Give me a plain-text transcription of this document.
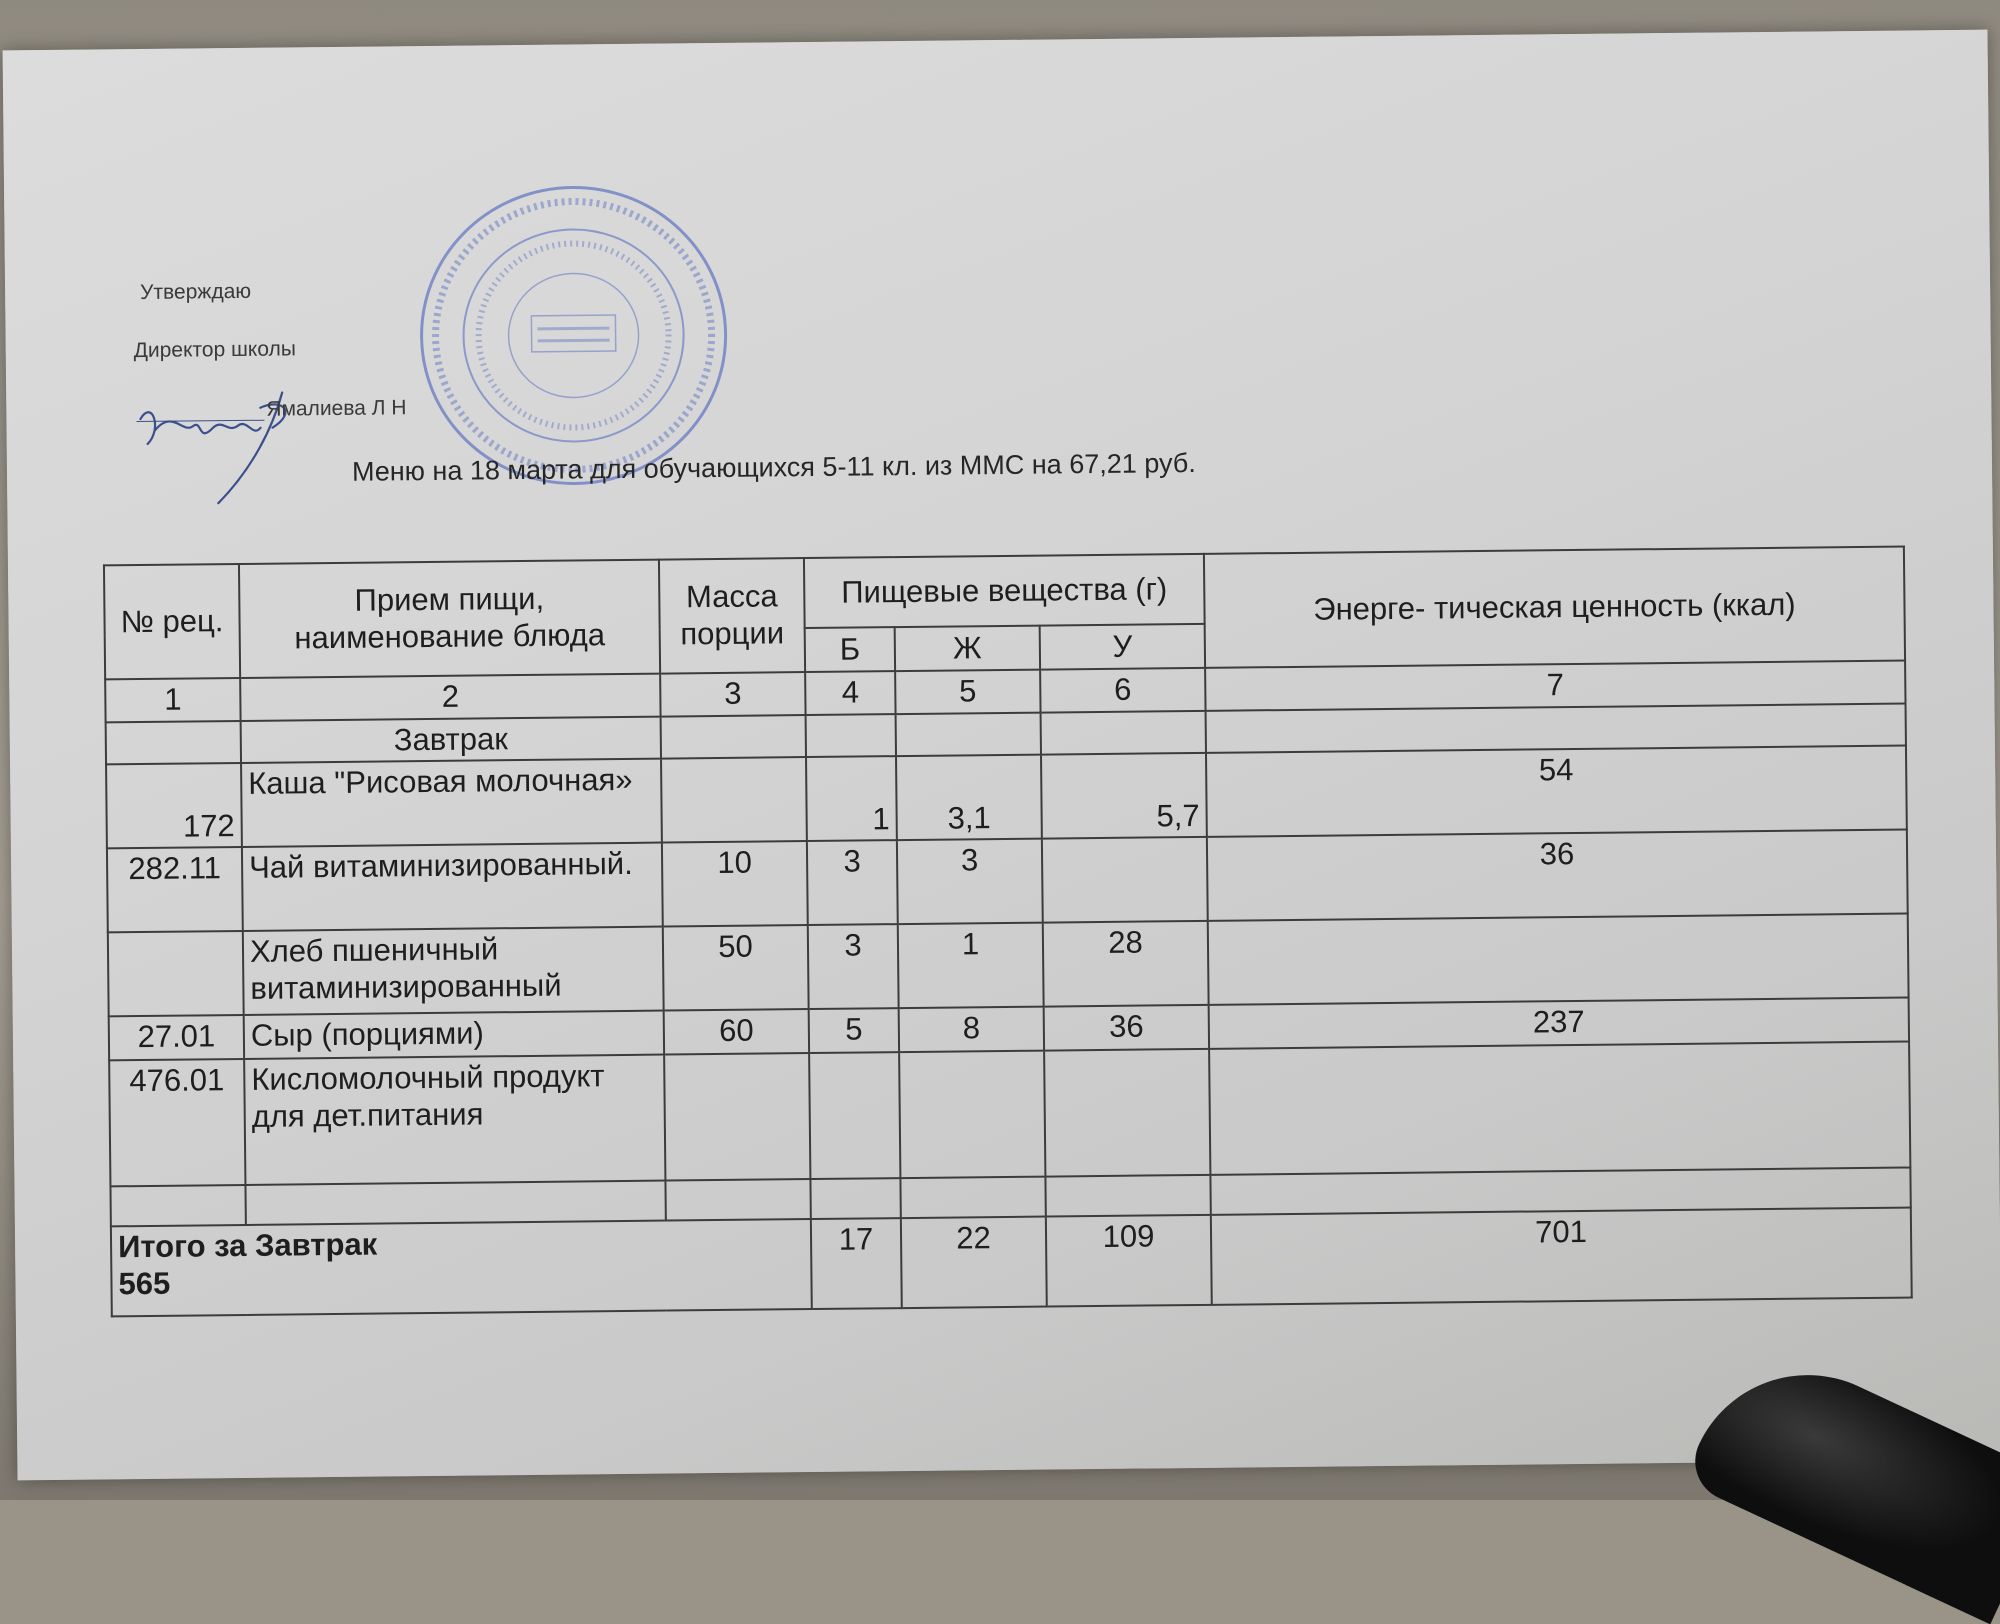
Утверждаю
Директор школы
Ямалиева Л Н
Меню на 18 марта для обучающихся 5-11 кл. из ММС на 67,21 руб.
№ рец.	Прием пищи, наименование блюда	Масса порции	Пищевые вещества (г)			Энерге- тическая ценность (ккал)
			Б	Ж	У	
1	2	3	4	5	6	7
	Завтрак					
172	Каша "Рисовая молочная»		1	3,1	5,7	54
282.11	Чай витаминизированный.	10	3	3		36
	Хлеб пшеничный витаминизированный	50	3	1	28	
27.01	Сыр (порциями)	60	5	8	36	237
476.01	Кисломолочный продукт для дет.питания					

Итого за Завтрак
565			17	22	109	701
